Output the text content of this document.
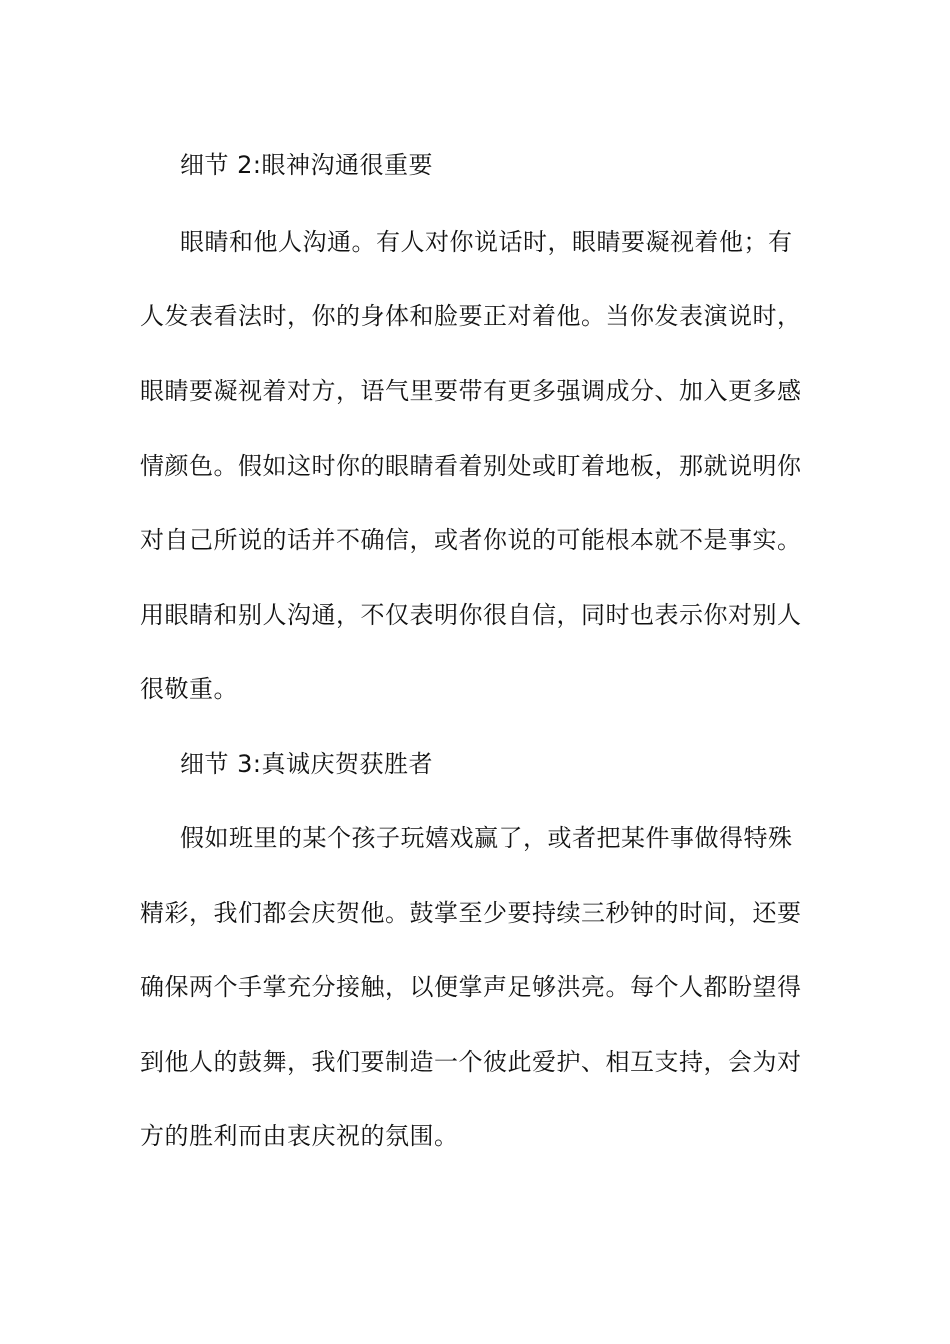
细节 2:眼神沟通很重要
眼睛和他人沟通。有人对你说话时，眼睛要凝视着他；有
人发表看法时，你的身体和脸要正对着他。当你发表演说时，
眼睛要凝视着对方，语气里要带有更多强调成分、加入更多感
情颜色。假如这时你的眼睛看着别处或盯着地板，那就说明你
对自己所说的话并不确信，或者你说的可能根本就不是事实。
用眼睛和别人沟通，不仅表明你很自信，同时也表示你对别人
很敬重。
细节 3:真诚庆贺获胜者
假如班里的某个孩子玩嬉戏赢了，或者把某件事做得特殊
精彩，我们都会庆贺他。鼓掌至少要持续三秒钟的时间，还要
确保两个手掌充分接触，以便掌声足够洪亮。每个人都盼望得
到他人的鼓舞，我们要制造一个彼此爱护、相互支持，会为对
方的胜利而由衷庆祝的氛围。
